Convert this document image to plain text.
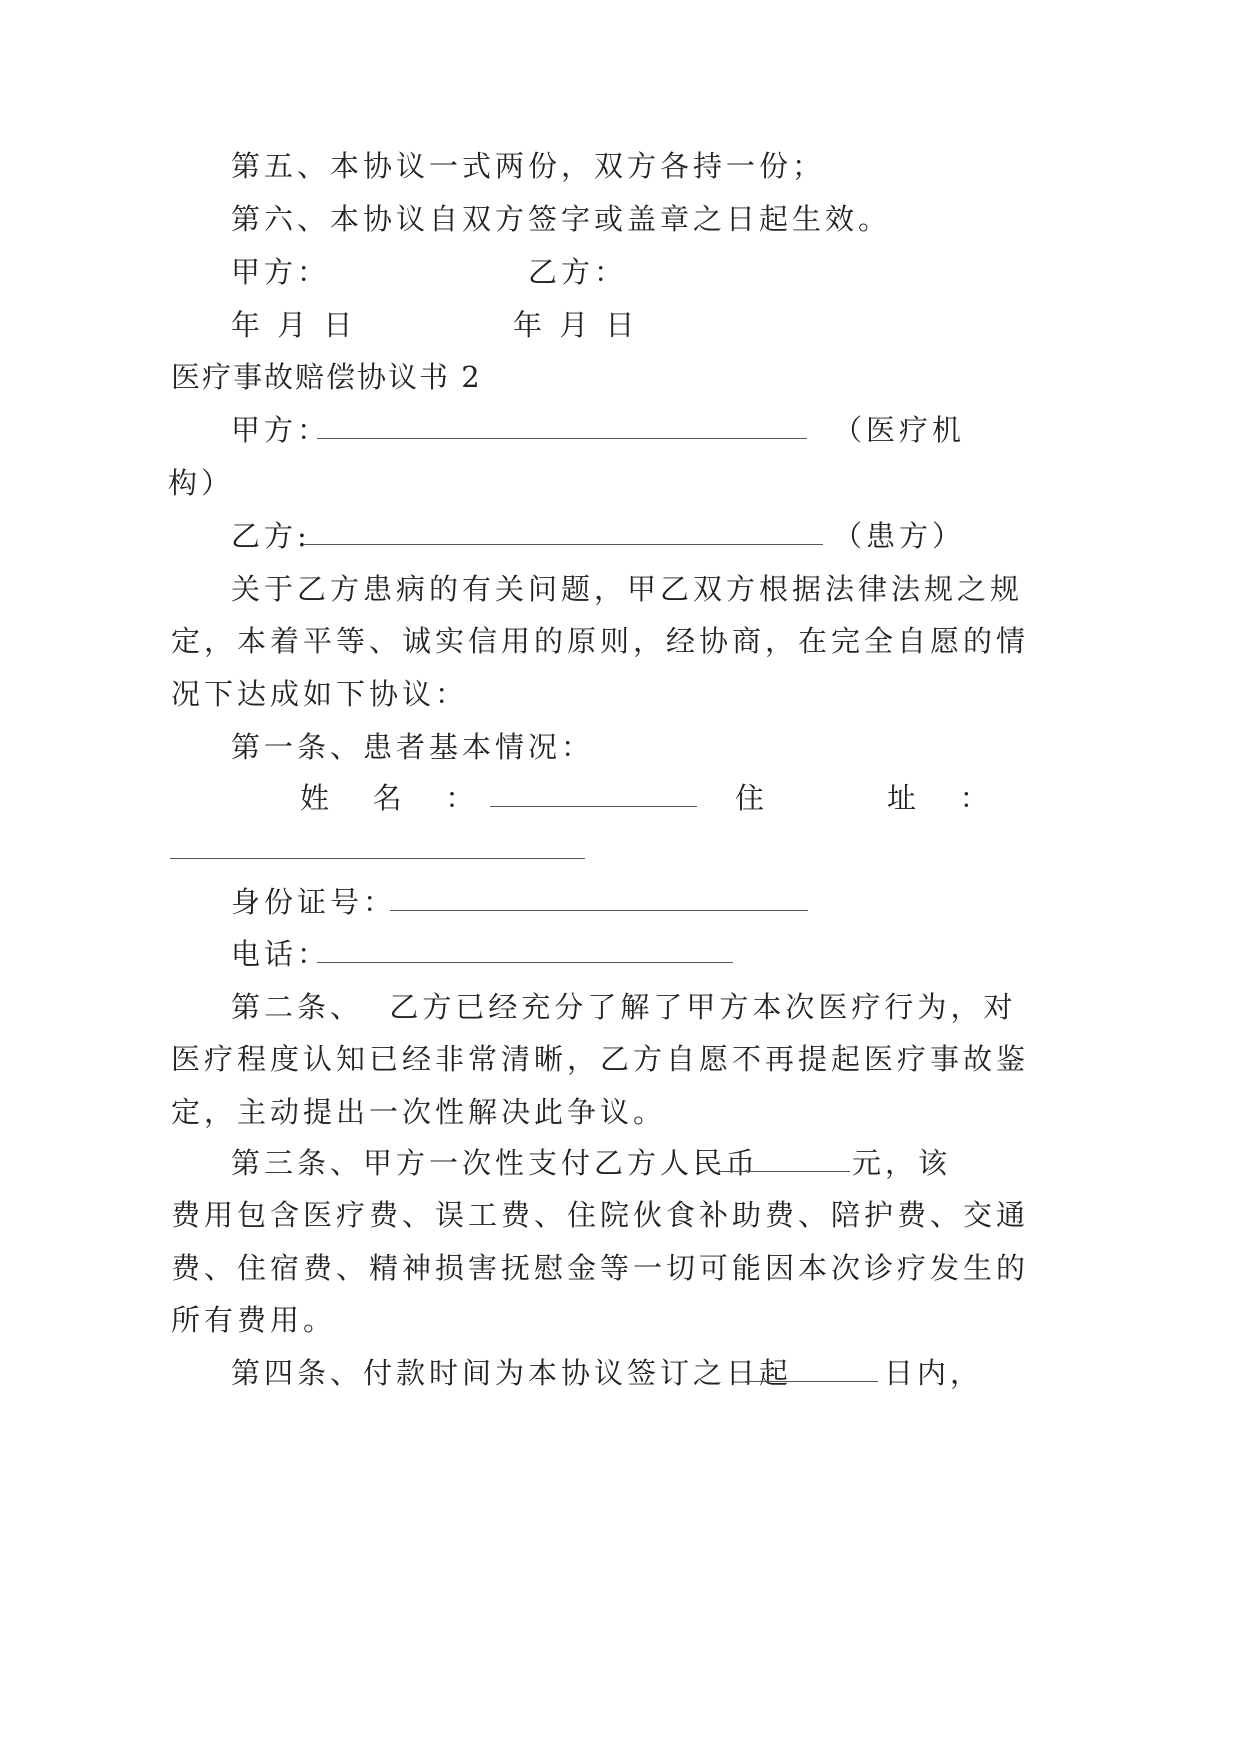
第五、本协议一式两份，双方各持一份；
第六、本协议自双方签字或盖章之日起生效。
甲方：	乙方：
年 月 日	年 月 日
医疗事故赔偿协议书 2
甲方：	（医疗机
构）
乙方:	（患方）
关于乙方患病的有关问题，甲乙双方根据法律法规之规
定，本着平等、诚实信用的原则，经协商，在完全自愿的情
况下达成如下协议：
第一条、患者基本情况：
姓   名   ：	住         址   ：
身份证号：
电话：
第二条、  乙方已经充分了解了甲方本次医疗行为，对
医疗程度认知已经非常清晰，乙方自愿不再提起医疗事故鉴
定，主动提出一次性解决此争议。
第三条、甲方一次性支付乙方人民币	元，该
费用包含医疗费、误工费、住院伙食补助费、陪护费、交通
费、住宿费、精神损害抚慰金等一切可能因本次诊疗发生的
所有费用。
第四条、付款时间为本协议签订之日起	日内，
